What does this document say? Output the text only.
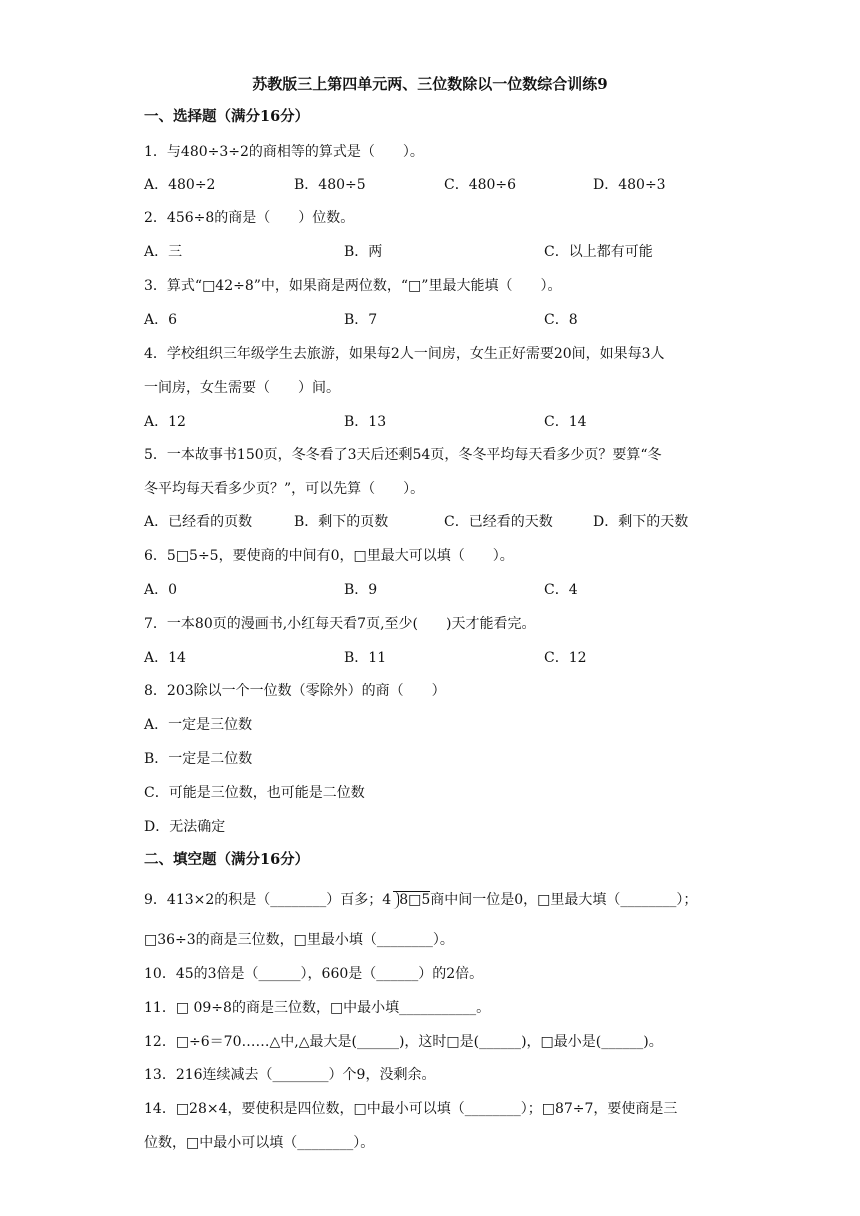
苏教版三上第四单元两、三位数除以一位数综合训练9
一、选择题（满分16分）
1．与480÷3÷2的商相等的算式是（　　）。
A．480÷2	B．480÷5	C．480÷6	D．480÷3
2．456÷8的商是（　　）位数。
A．三	B．两	C．以上都有可能
3．算式“□42÷8”中，如果商是两位数，“□”里最大能填（　　）。
A．6	B．7	C．8
4．学校组织三年级学生去旅游，如果每2人一间房，女生正好需要20间，如果每3人
一间房，女生需要（　　）间。
A．12	B．13	C．14
5．一本故事书150页，冬冬看了3天后还剩54页，冬冬平均每天看多少页？要算“冬
冬平均每天看多少页？”，可以先算（　　）。
A．已经看的页数	B．剩下的页数	C．已经看的天数	D．剩下的天数
6．5□5÷5，要使商的中间有0，□里最大可以填（　　）。
A．0	B．9	C．4
7．一本80页的漫画书,小红每天看7页,至少(　　)天才能看完。
A．14	B．11	C．12
8．203除以一个一位数（零除外）的商（　　）
A．一定是三位数
B．一定是二位数
C．可能是三位数，也可能是二位数
D．无法确定
二、填空题（满分16分）
9．413×2的积是（________）百多；4 8□5商中间一位是0，□里最大填（________）；
□36÷3的商是三位数，□里最小填（________）。
10．45的3倍是（______），660是（______）的2倍。
11．□ 09÷8的商是三位数，□中最小填___________。
12．□÷6＝70……△中,△最大是(______)，这时□是(______)，□最小是(______)。
13．216连续减去（________）个9，没剩余。
14．□28×4，要使积是四位数，□中最小可以填（________）；□87÷7，要使商是三
位数，□中最小可以填（________）。
